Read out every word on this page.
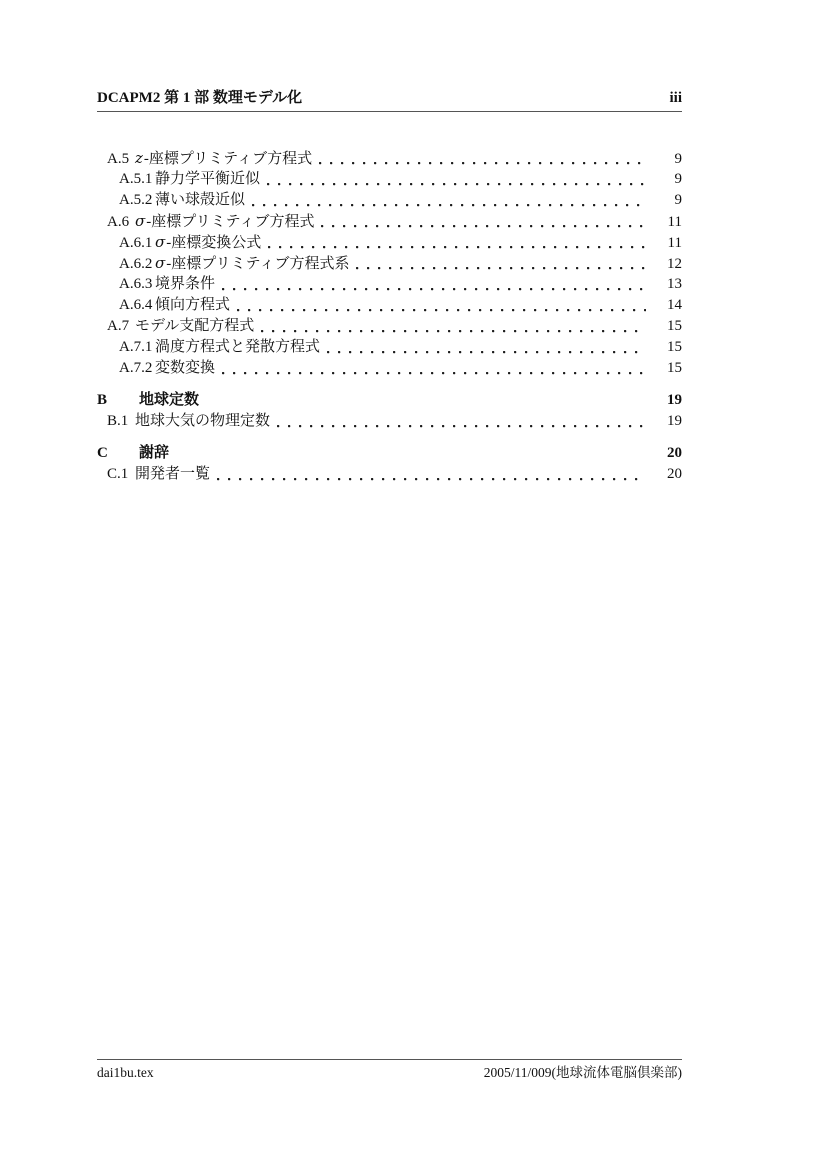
DCAPM2 第 1 部 数理モデル化	iii
A.5 z-座標プリミティブ方程式	9
A.5.1 静力学平衡近似	9
A.5.2 薄い球殻近似	9
A.6 σ-座標プリミティブ方程式	11
A.6.1 σ-座標変換公式	11
A.6.2 σ-座標プリミティブ方程式系	12
A.6.3 境界条件	13
A.6.4 傾向方程式	14
A.7 モデル支配方程式	15
A.7.1 渦度方程式と発散方程式	15
A.7.2 変数変換	15
B	地球定数	19
B.1 地球大気の物理定数	19
C	謝辞	20
C.1 開発者一覧	20
dai1bu.tex	2005/11/009(地球流体電脳倶楽部)
